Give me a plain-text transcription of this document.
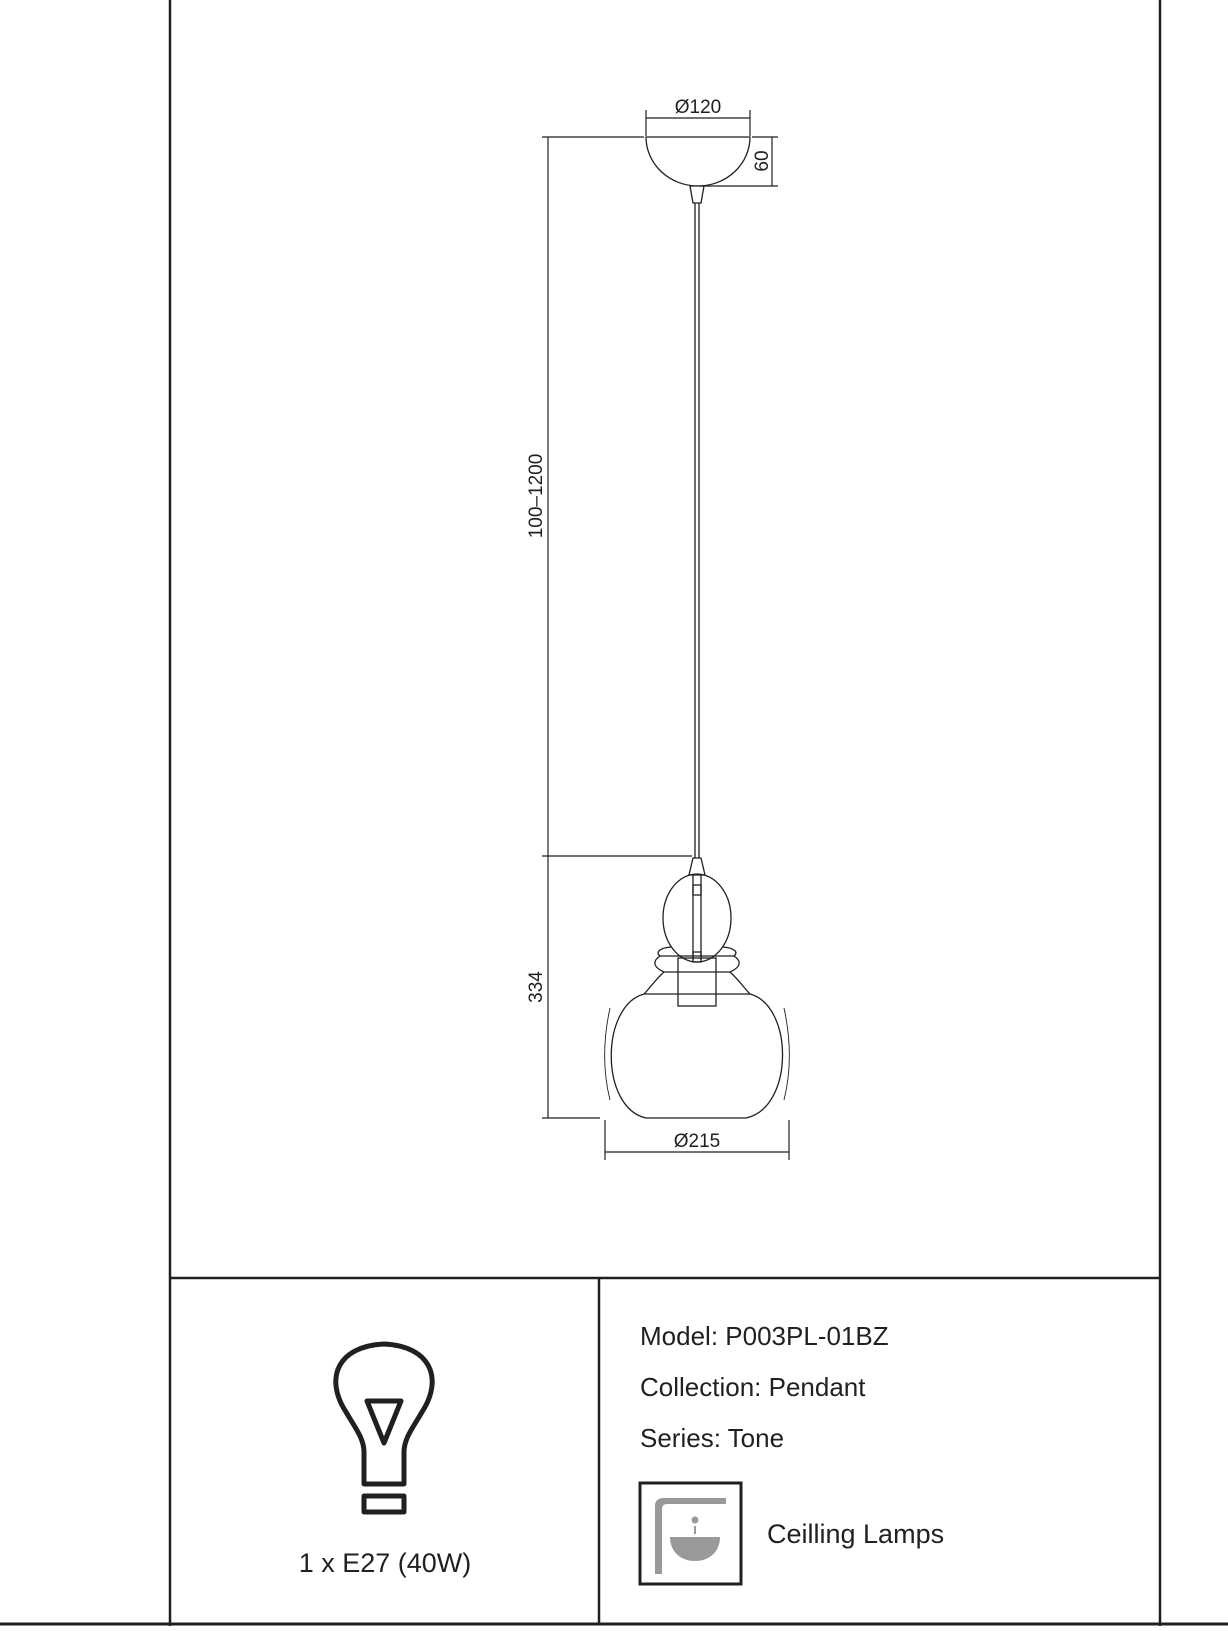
Ø120
60
100–1200
334
Ø215
1 x E27 (40W)
Model: P003PL-01BZ
Collection: Pendant
Series: Tone
Ceilling Lamps
